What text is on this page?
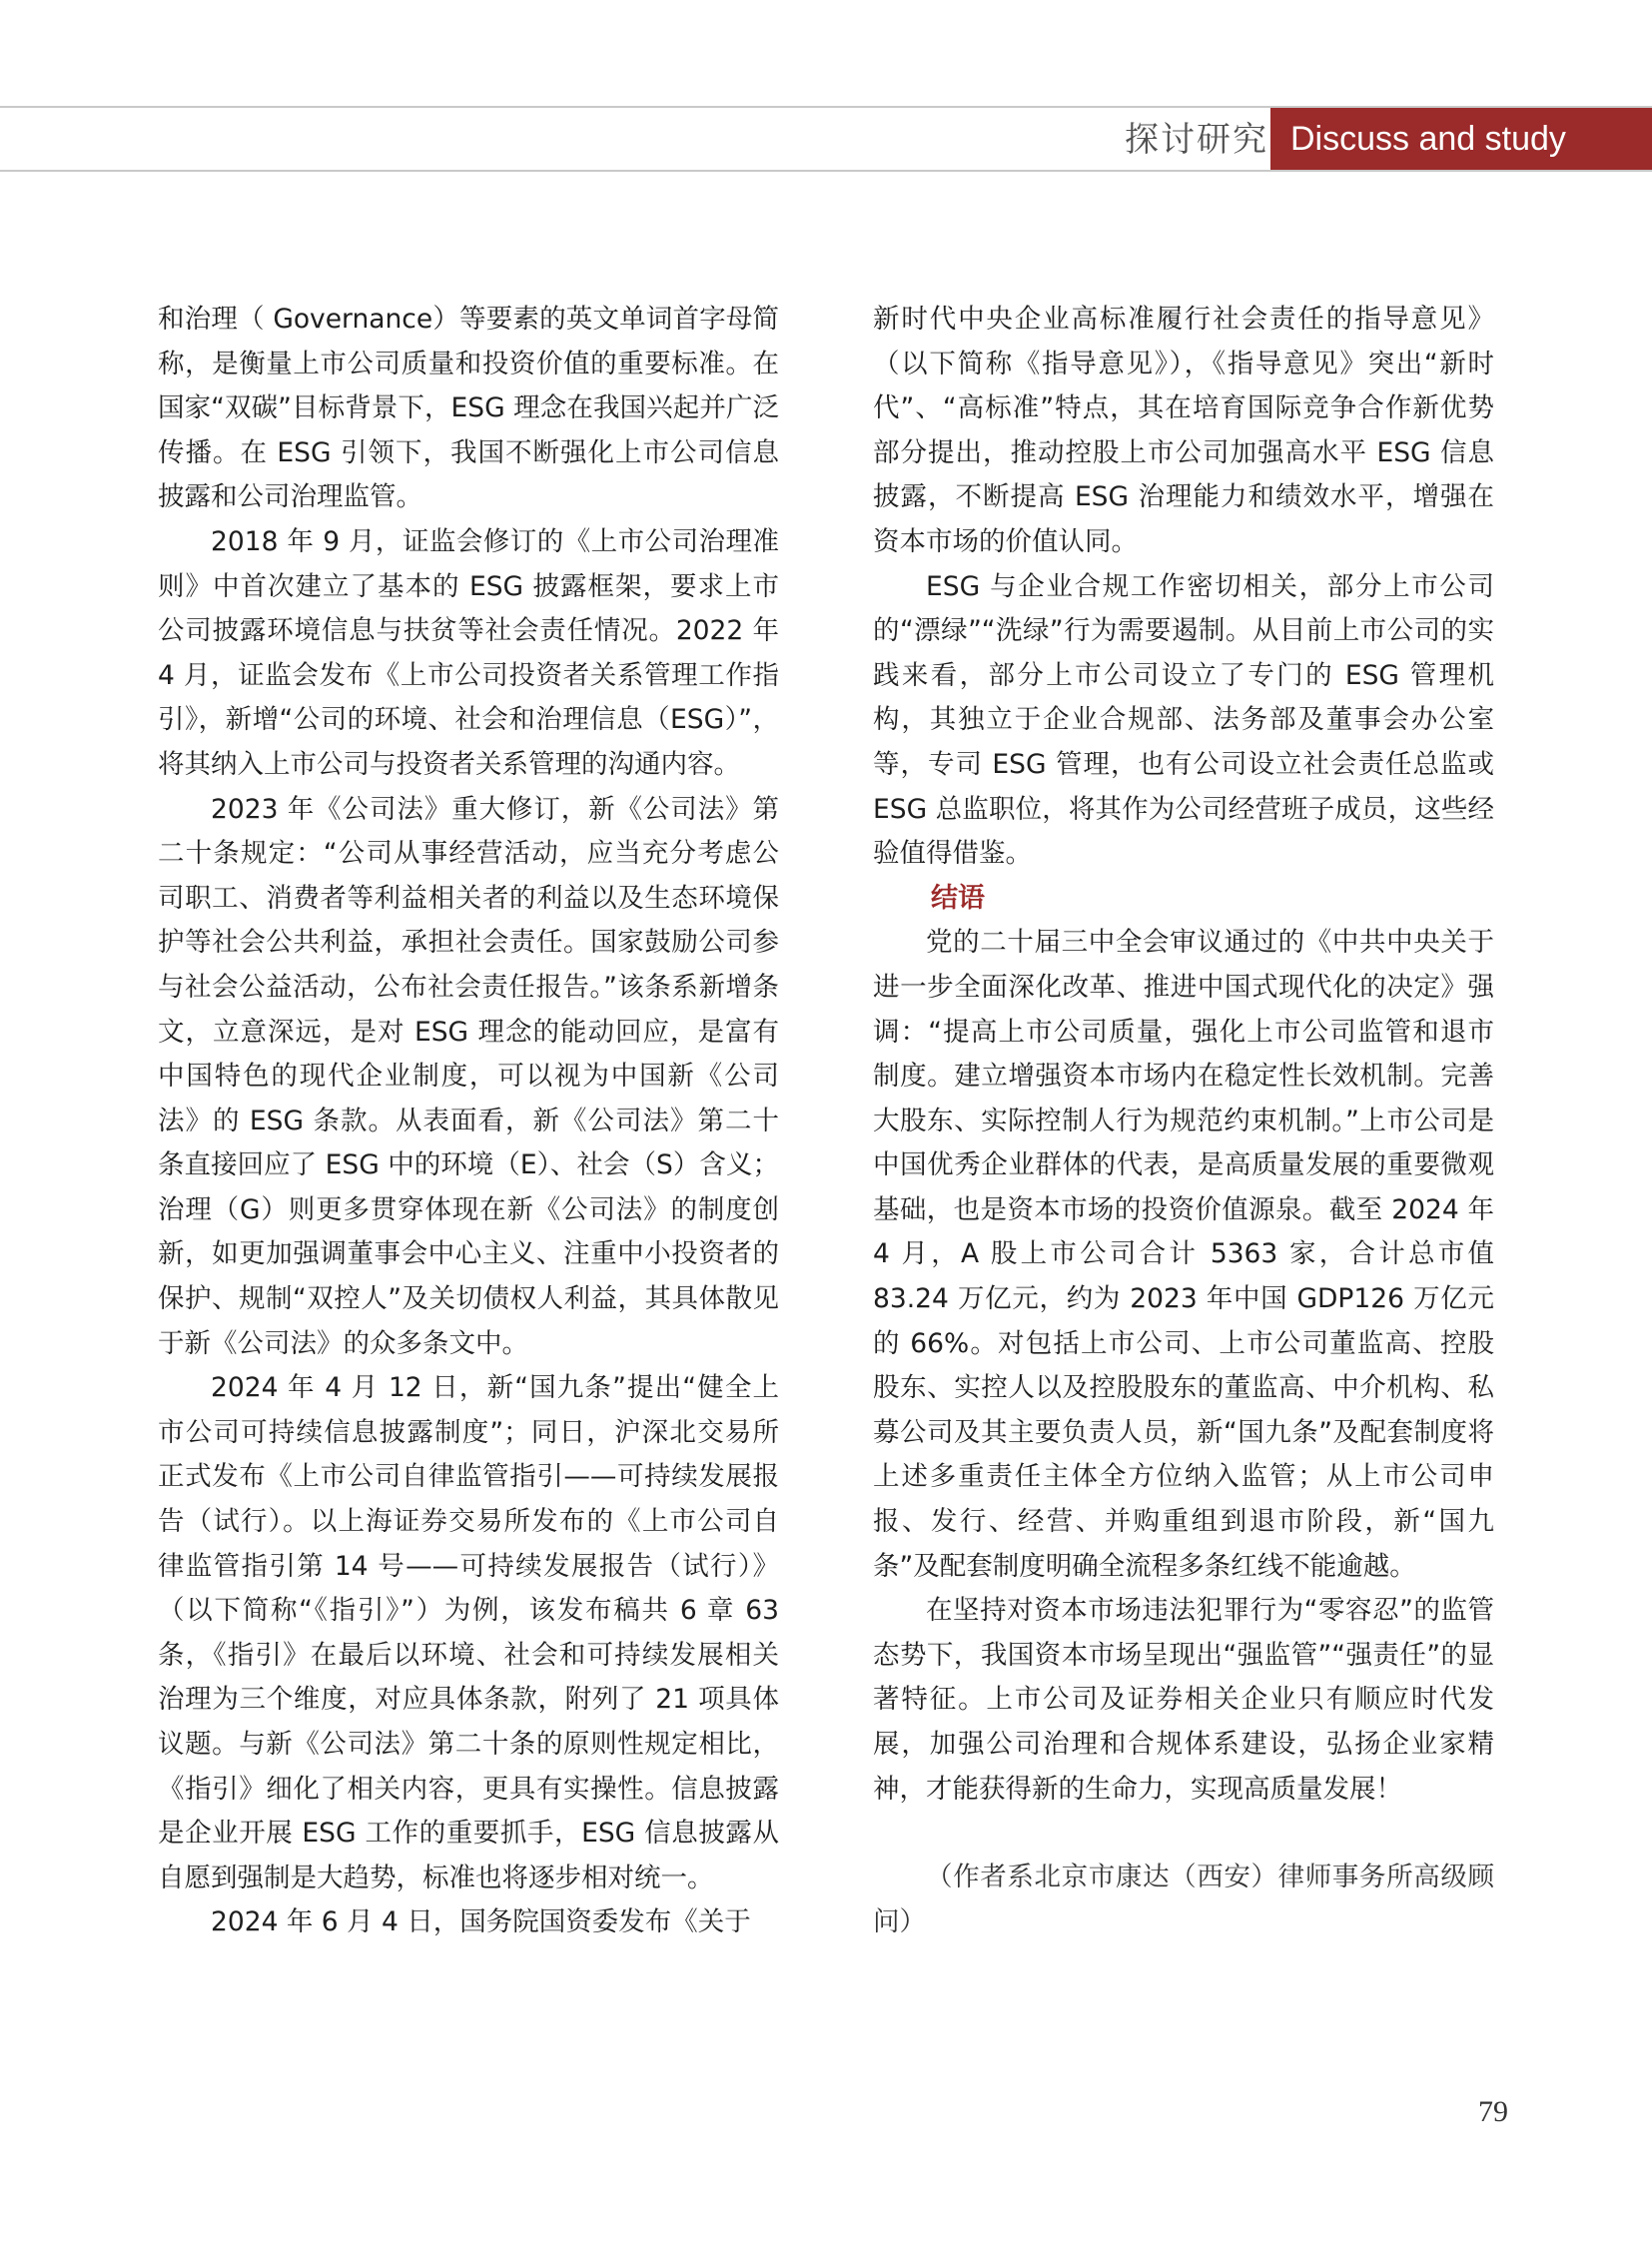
探讨研究 Discuss and study

和治理（ Governance）等要素的英文单词首字母简称，是衡量上市公司质量和投资价值的重要标准。在国家“双碳”目标背景下，ESG 理念在我国兴起并广泛传播。在 ESG 引领下，我国不断强化上市公司信息披露和公司治理监管。

2018 年 9 月，证监会修订的《上市公司治理准则》中首次建立了基本的 ESG 披露框架，要求上市公司披露环境信息与扶贫等社会责任情况。2022 年 4 月，证监会发布《上市公司投资者关系管理工作指引》，新增“公司的环境、社会和治理信息（ESG）”，将其纳入上市公司与投资者关系管理的沟通内容。

2023 年《公司法》重大修订，新《公司法》第二十条规定：“公司从事经营活动，应当充分考虑公司职工、消费者等利益相关者的利益以及生态环境保护等社会公共利益，承担社会责任。国家鼓励公司参与社会公益活动，公布社会责任报告。”该条系新增条文，立意深远，是对 ESG 理念的能动回应，是富有中国特色的现代企业制度，可以视为中国新《公司法》的 ESG 条款。从表面看，新《公司法》第二十条直接回应了 ESG 中的环境（E）、社会（S）含义；治理（G）则更多贯穿体现在新《公司法》的制度创新，如更加强调董事会中心主义、注重中小投资者的保护、规制“双控人”及关切债权人利益，其具体散见于新《公司法》的众多条文中。

2024 年 4 月 12 日，新“国九条”提出“健全上市公司可持续信息披露制度”；同日，沪深北交易所正式发布《上市公司自律监管指引——可持续发展报告（试行）。以上海证券交易所发布的《上市公司自律监管指引第 14 号——可持续发展报告（试行）》（以下简称“《指引》”）为例，该发布稿共 6 章 63 条，《指引》在最后以环境、社会和可持续发展相关治理为三个维度，对应具体条款，附列了 21 项具体议题。与新《公司法》第二十条的原则性规定相比，《指引》细化了相关内容，更具有实操性。信息披露是企业开展 ESG 工作的重要抓手，ESG 信息披露从自愿到强制是大趋势，标准也将逐步相对统一。

2024 年 6 月 4 日，国务院国资委发布《关于

新时代中央企业高标准履行社会责任的指导意见》（以下简称《指导意见》），《指导意见》突出“新时代”、“高标准”特点，其在培育国际竞争合作新优势部分提出，推动控股上市公司加强高水平 ESG 信息披露，不断提高 ESG 治理能力和绩效水平，增强在资本市场的价值认同。

ESG 与企业合规工作密切相关，部分上市公司的“漂绿”“洗绿”行为需要遏制。从目前上市公司的实践来看，部分上市公司设立了专门的 ESG 管理机构，其独立于企业合规部、法务部及董事会办公室等，专司 ESG 管理，也有公司设立社会责任总监或 ESG 总监职位，将其作为公司经营班子成员，这些经验值得借鉴。

结语

党的二十届三中全会审议通过的《中共中央关于进一步全面深化改革、推进中国式现代化的决定》强调：“提高上市公司质量，强化上市公司监管和退市制度。建立增强资本市场内在稳定性长效机制。完善大股东、实际控制人行为规范约束机制。”上市公司是中国优秀企业群体的代表，是高质量发展的重要微观基础，也是资本市场的投资价值源泉。截至 2024 年 4 月，A 股上市公司合计 5363 家，合计总市值 83.24 万亿元，约为 2023 年中国 GDP126 万亿元的 66%。对包括上市公司、上市公司董监高、控股股东、实控人以及控股股东的董监高、中介机构、私募公司及其主要负责人员，新“国九条”及配套制度将上述多重责任主体全方位纳入监管；从上市公司申报、发行、经营、并购重组到退市阶段，新“国九条”及配套制度明确全流程多条红线不能逾越。

在坚持对资本市场违法犯罪行为“零容忍”的监管态势下，我国资本市场呈现出“强监管”“强责任”的显著特征。上市公司及证券相关企业只有顺应时代发展，加强公司治理和合规体系建设，弘扬企业家精神，才能获得新的生命力，实现高质量发展！

（作者系北京市康达（西安）律师事务所高级顾问）

79
